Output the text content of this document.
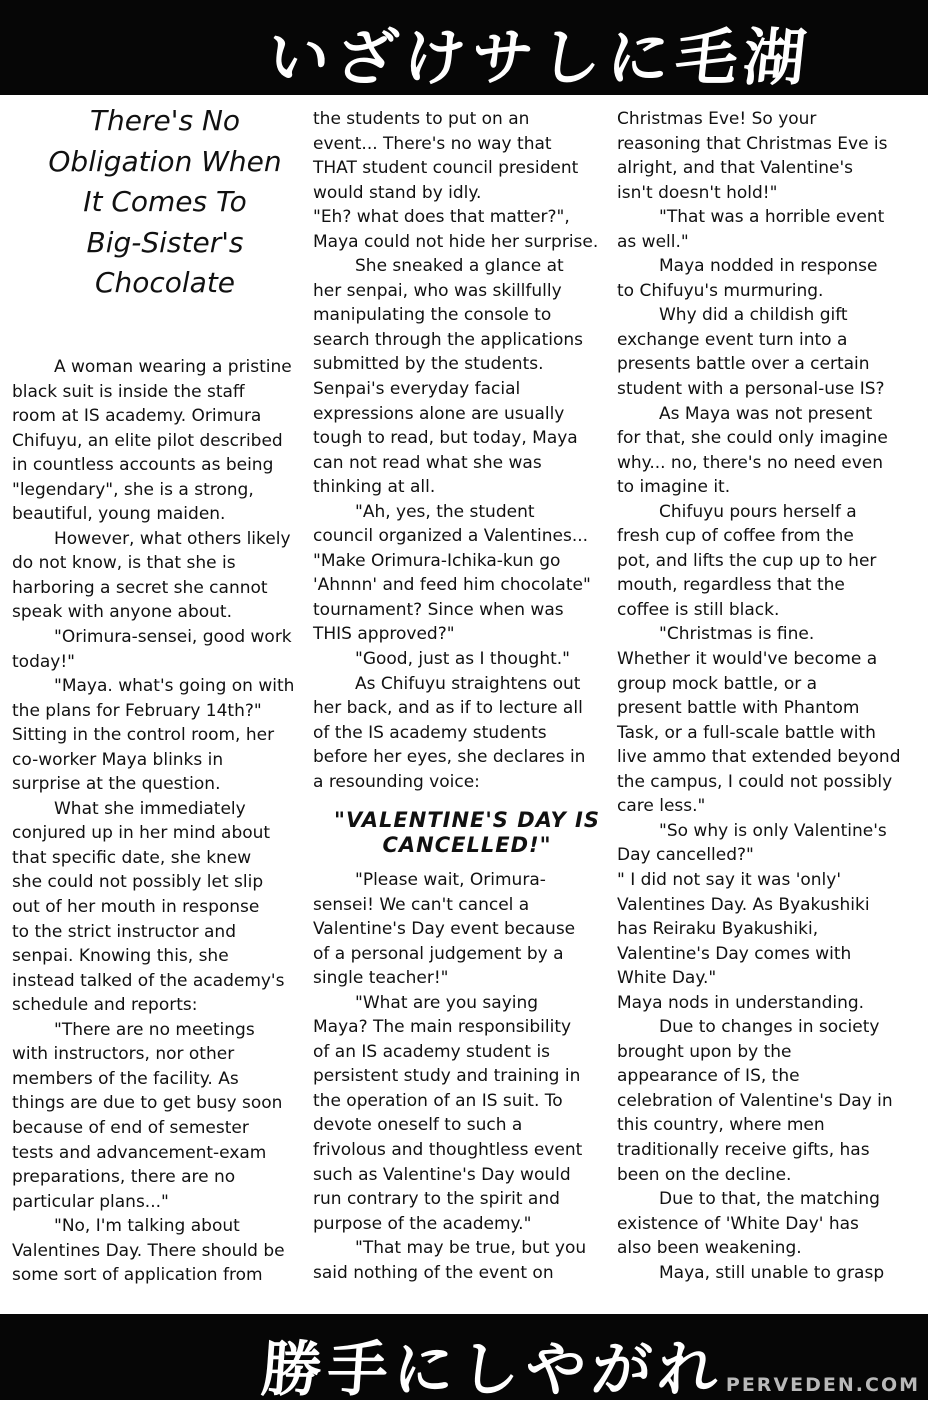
いざけサしに毛湖
There's No
Obligation When
It Comes To
Big-Sister's
Chocolate
A woman wearing a pristine
black suit is inside the staff
room at IS academy. Orimura
Chifuyu, an elite pilot described
in countless accounts as being
"legendary", she is a strong,
beautiful, young maiden.
However, what others likely
do not know, is that she is
harboring a secret she cannot
speak with anyone about.
"Orimura-sensei, good work
today!"
"Maya. what's going on with
the plans for February 14th?"
Sitting in the control room, her
co-worker Maya blinks in
surprise at the question.
What she immediately
conjured up in her mind about
that specific date, she knew
she could not possibly let slip
out of her mouth in response
to the strict instructor and
senpai. Knowing this, she
instead talked of the academy's
schedule and reports:
"There are no meetings
with instructors, nor other
members of the facility. As
things are due to get busy soon
because of end of semester
tests and advancement-exam
preparations, there are no
particular plans..."
"No, I'm talking about
Valentines Day. There should be
some sort of application from
the students to put on an
event... There's no way that
THAT student council president
would stand by idly.
"Eh? what does that matter?",
Maya could not hide her surprise.
She sneaked a glance at
her senpai, who was skillfully
manipulating the console to
search through the applications
submitted by the students.
Senpai's everyday facial
expressions alone are usually
tough to read, but today, Maya
can not read what she was
thinking at all.
"Ah, yes, the student
council organized a Valentines...
"Make Orimura-Ichika-kun go
'Ahnnn' and feed him chocolate"
tournament? Since when was
THIS approved?"
"Good, just as I thought."
As Chifuyu straightens out
her back, and as if to lecture all
of the IS academy students
before her eyes, she declares in
a resounding voice:
"VALENTINE'S DAY IS
CANCELLED!"
"Please wait, Orimura-
sensei! We can't cancel a
Valentine's Day event because
of a personal judgement by a
single teacher!"
"What are you saying
Maya? The main responsibility
of an IS academy student is
persistent study and training in
the operation of an IS suit. To
devote oneself to such a
frivolous and thoughtless event
such as Valentine's Day would
run contrary to the spirit and
purpose of the academy."
"That may be true, but you
said nothing of the event on
Christmas Eve! So your
reasoning that Christmas Eve is
alright, and that Valentine's
isn't doesn't hold!"
"That was a horrible event
as well."
Maya nodded in response
to Chifuyu's murmuring.
Why did a childish gift
exchange event turn into a
presents battle over a certain
student with a personal-use IS?
As Maya was not present
for that, she could only imagine
why... no, there's no need even
to imagine it.
Chifuyu pours herself a
fresh cup of coffee from the
pot, and lifts the cup up to her
mouth, regardless that the
coffee is still black.
"Christmas is fine.
Whether it would've become a
group mock battle, or a
present battle with Phantom
Task, or a full-scale battle with
live ammo that extended beyond
the campus, I could not possibly
care less."
"So why is only Valentine's
Day cancelled?"
" I did not say it was 'only'
Valentines Day. As Byakushiki
has Reiraku Byakushiki,
Valentine's Day comes with
White Day."
Maya nods in understanding.
Due to changes in society
brought upon by the
appearance of IS, the
celebration of Valentine's Day in
this country, where men
traditionally receive gifts, has
been on the decline.
Due to that, the matching
existence of 'White Day' has
also been weakening.
Maya, still unable to grasp
勝手にしやがれ PERVEDEN.COM
